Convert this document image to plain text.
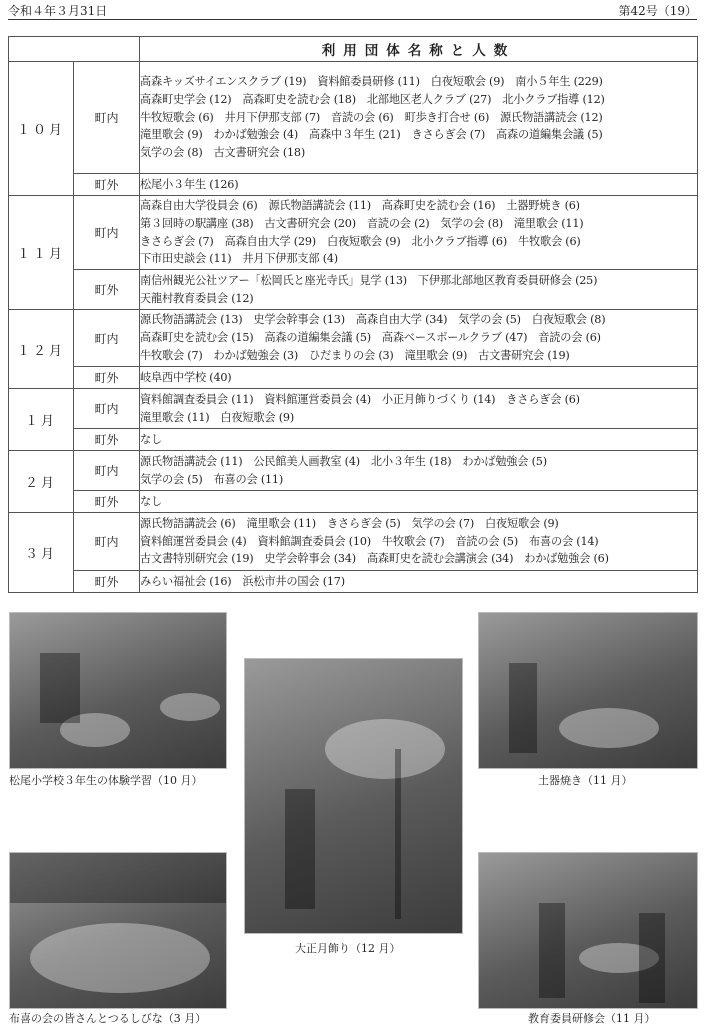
令和４年３月31日	第42号（19）
		利用団体名称と人数
１０月	町内	高森キッズサイエンスクラブ (19)　資料館委員研修 (11)　白夜短歌会 (9)　南小５年生 (229)
高森町史学会 (12)　高森町史を読む会 (18)　北部地区老人クラブ (27)　北小クラブ指導 (12)
牛牧短歌会 (6)　井月下伊那支部 (7)　音読の会 (6)　町歩き打合せ (6)　源氏物語講読会 (12)
滝里歌会 (9)　わかば勉強会 (4)　高森中３年生 (21)　きさらぎ会 (7)　高森の道編集会議 (5)
気学の会 (8)　古文書研究会 (18)

	町外	松尾小３年生 (126)

１１月	町内	高森自由大学役員会 (6)　源氏物語講読会 (11)　高森町史を読む会 (16)　土器野焼き (6)
第３回時の駅講座 (38)　古文書研究会 (20)　音読の会 (2)　気学の会 (8)　滝里歌会 (11)
きさらぎ会 (7)　高森自由大学 (29)　白夜短歌会 (9)　北小クラブ指導 (6)　牛牧歌会 (6)
下市田史談会 (11)　井月下伊那支部 (4)

	町外	南信州観光公社ツアー「松岡氏と座光寺氏」見学 (13)　下伊那北部地区教育委員研修会 (25)
天龍村教育委員会 (12)

１２月	町内	源氏物語講読会 (13)　史学会幹事会 (13)　高森自由大学 (34)　気学の会 (5)　白夜短歌会 (8)
高森町史を読む会 (15)　高森の道編集会議 (5)　高森ベースボールクラブ (47)　音読の会 (6)
牛牧歌会 (7)　わかば勉強会 (3)　ひだまりの会 (3)　滝里歌会 (9)　古文書研究会 (19)

	町外	岐阜西中学校 (40)

１月	町内	資料館調査委員会 (11)　資料館運営委員会 (4)　小正月飾りづくり (14)　きさらぎ会 (6)
滝里歌会 (11)　白夜短歌会 (9)

	町外	なし

２月	町内	源氏物語講読会 (11)　公民館美人画教室 (4)　北小３年生 (18)　わかば勉強会 (5)
気学の会 (5)　布喜の会 (11)

	町外	なし

３月	町内	源氏物語講読会 (6)　滝里歌会 (11)　きさらぎ会 (5)　気学の会 (7)　白夜短歌会 (9)
資料館運営委員会 (4)　資料館調査委員会 (10)　牛牧歌会 (7)　音読の会 (5)　布喜の会 (14)
古文書特別研究会 (19)　史学会幹事会 (34)　高森町史を読む会講演会 (34)　わかば勉強会 (6)

	町外	みらい福祉会 (16)　浜松市井の国会 (17)
松尾小学校３年生の体験学習（10 月）	土器焼き（11 月）
大正月飾り（12 月）
布喜の会の皆さんとつるしびな（3 月）	教育委員研修会（11 月）
